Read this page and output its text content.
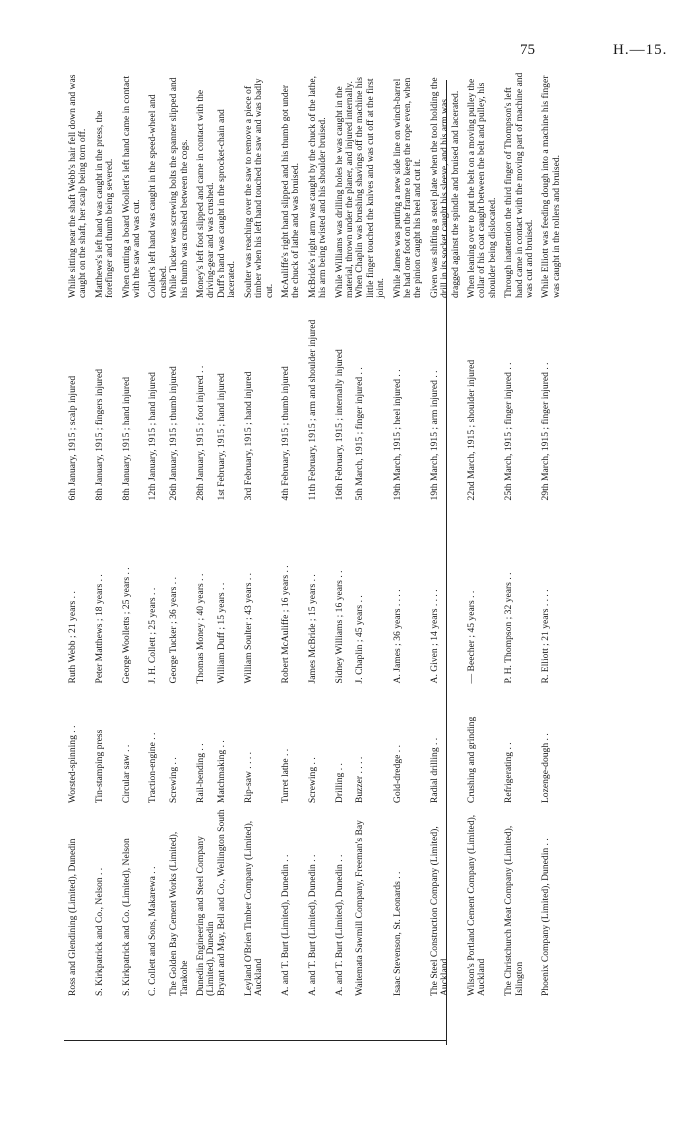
75	H.—15.
Ross and Glendining (Limited), Dunedin	Worsted-spinning . .	Ruth Webb ; 21 years . .	6th January, 1915 ; scalp injured	While sitting near the shaft Webb's hair fell down and was caught on the shaft, her scalp being torn off.
S. Kirkpatrick and Co., Nelson . .	Tin-stamping press	Peter Matthews ; 18 years . .	8th January, 1915 ; fingers injured	Matthews's left hand was caught in the press, the forefinger and thumb being severed.
S. Kirkpatrick and Co. (Limited), Nelson	Circular saw . .	George Woolletts ; 25 years . .	8th January, 1915 ; hand injured	When cutting a board Woollett's left hand came in contact with the saw and was cut.
C. Collett and Sons, Makarewa . .	Traction-engine . .	J. H. Collett ; 25 years . .	12th January, 1915 ; hand injured	Collett's left hand was caught in the speed-wheel and crushed.
The Golden Bay Cement Works (Limited), Tarakohe	Screwing . .	George Tucker ; 36 years . .	26th January, 1915 ; thumb injured	While Tucker was screwing bolts the spanner slipped and his thumb was crushed between the cogs.
Dunedin Engineering and Steel Company (Limited), Dunedin	Rail-bending . .	Thomas Money ; 40 years . .	28th January, 1915 ; foot injured . .	Money's left foot slipped and came in contact with the driving-gear and was crushed.
Bryant and May, Bell and Co., Wellington South	Matchmaking . .	William Duff ; 15 years . .	1st February, 1915 ; hand injured	Duff's hand was caught in the sprocket-chain and lacerated.
Leyland O'Brien Timber Company (Limited), Auckland	Rip-saw . . . .	William Soulter ; 43 years . .	3rd February, 1915 ; hand injured	Soulter was reaching over the saw to remove a piece of timber when his left hand touched the saw and was badly cut.
A. and T. Burt (Limited), Dunedin . .	Turret lathe . .	Robert McAuliffe ; 16 years . .	4th February, 1915 ; thumb injured	McAuliffe's right hand slipped and his thumb got under the chuck of lathe and was bruised.
A. and T. Burt (Limited), Dunedin . .	Screwing . .	James McBride ; 15 years . .	11th February, 1915 ; arm and shoulder injured	McBride's right arm was caught by the chuck of the lathe, his arm being twisted and his shoulder bruised.
A. and T. Burt (Limited), Dunedin . .	Drilling . .	Sidney Williams ; 16 years . .	16th February, 1915 ; internally injured	While Williams was drilling holes he was caught in the material, thrown under the planer, and injured internally.
Waitemata Sawmill Company, Freeman's Bay	Buzzer . . . .	J. Chaplin ; 45 years . .	5th March, 1915 ; finger injured . .	When Chaplin was brushing shavings off the machine his little finger touched the knives and was cut off at the first joint.
Isaac Stevenson, St. Leonards . .	Gold-dredge . .	A. James ; 36 years . . . .	19th March, 1915 ; heel injured . .	While James was putting a new side line on winch-barrel he had one foot on the frame to keep the rope even, when the pinion caught his heel and cut it.
The Steel Construction Company (Limited), Auckland	Radial drilling . .	A. Given ; 14 years . . . .	19th March, 1915 ; arm injured . .	Given was shifting a steel plate when the tool holding the drill in its socket caught his sleeve, and his arm was dragged against the spindle and bruised and lacerated.
Wilson's Portland Cement Company (Limited), Auckland	Crushing and grinding	— Beecher ; 45 years . .	22nd March, 1915 ; shoulder injured	When leaning over to put the belt on a moving pulley the collar of his coat caught between the belt and pulley, his shoulder being dislocated.
The Christchurch Meat Company (Limited), Islington	Refrigerating . .	P. H. Thompson ; 32 years . .	25th March, 1915 ; finger injured . .	Through inattention the third finger of Thompson's left hand came in contact with the moving part of machine and was cut and bruised.
Phoenix Company (Limited), Dunedin . .	Lozenge-dough . .	R. Elliott ; 21 years . . . .	29th March, 1915 ; finger injured . .	While Elliott was feeding dough into a machine his finger was caught in the rollers and bruised.
